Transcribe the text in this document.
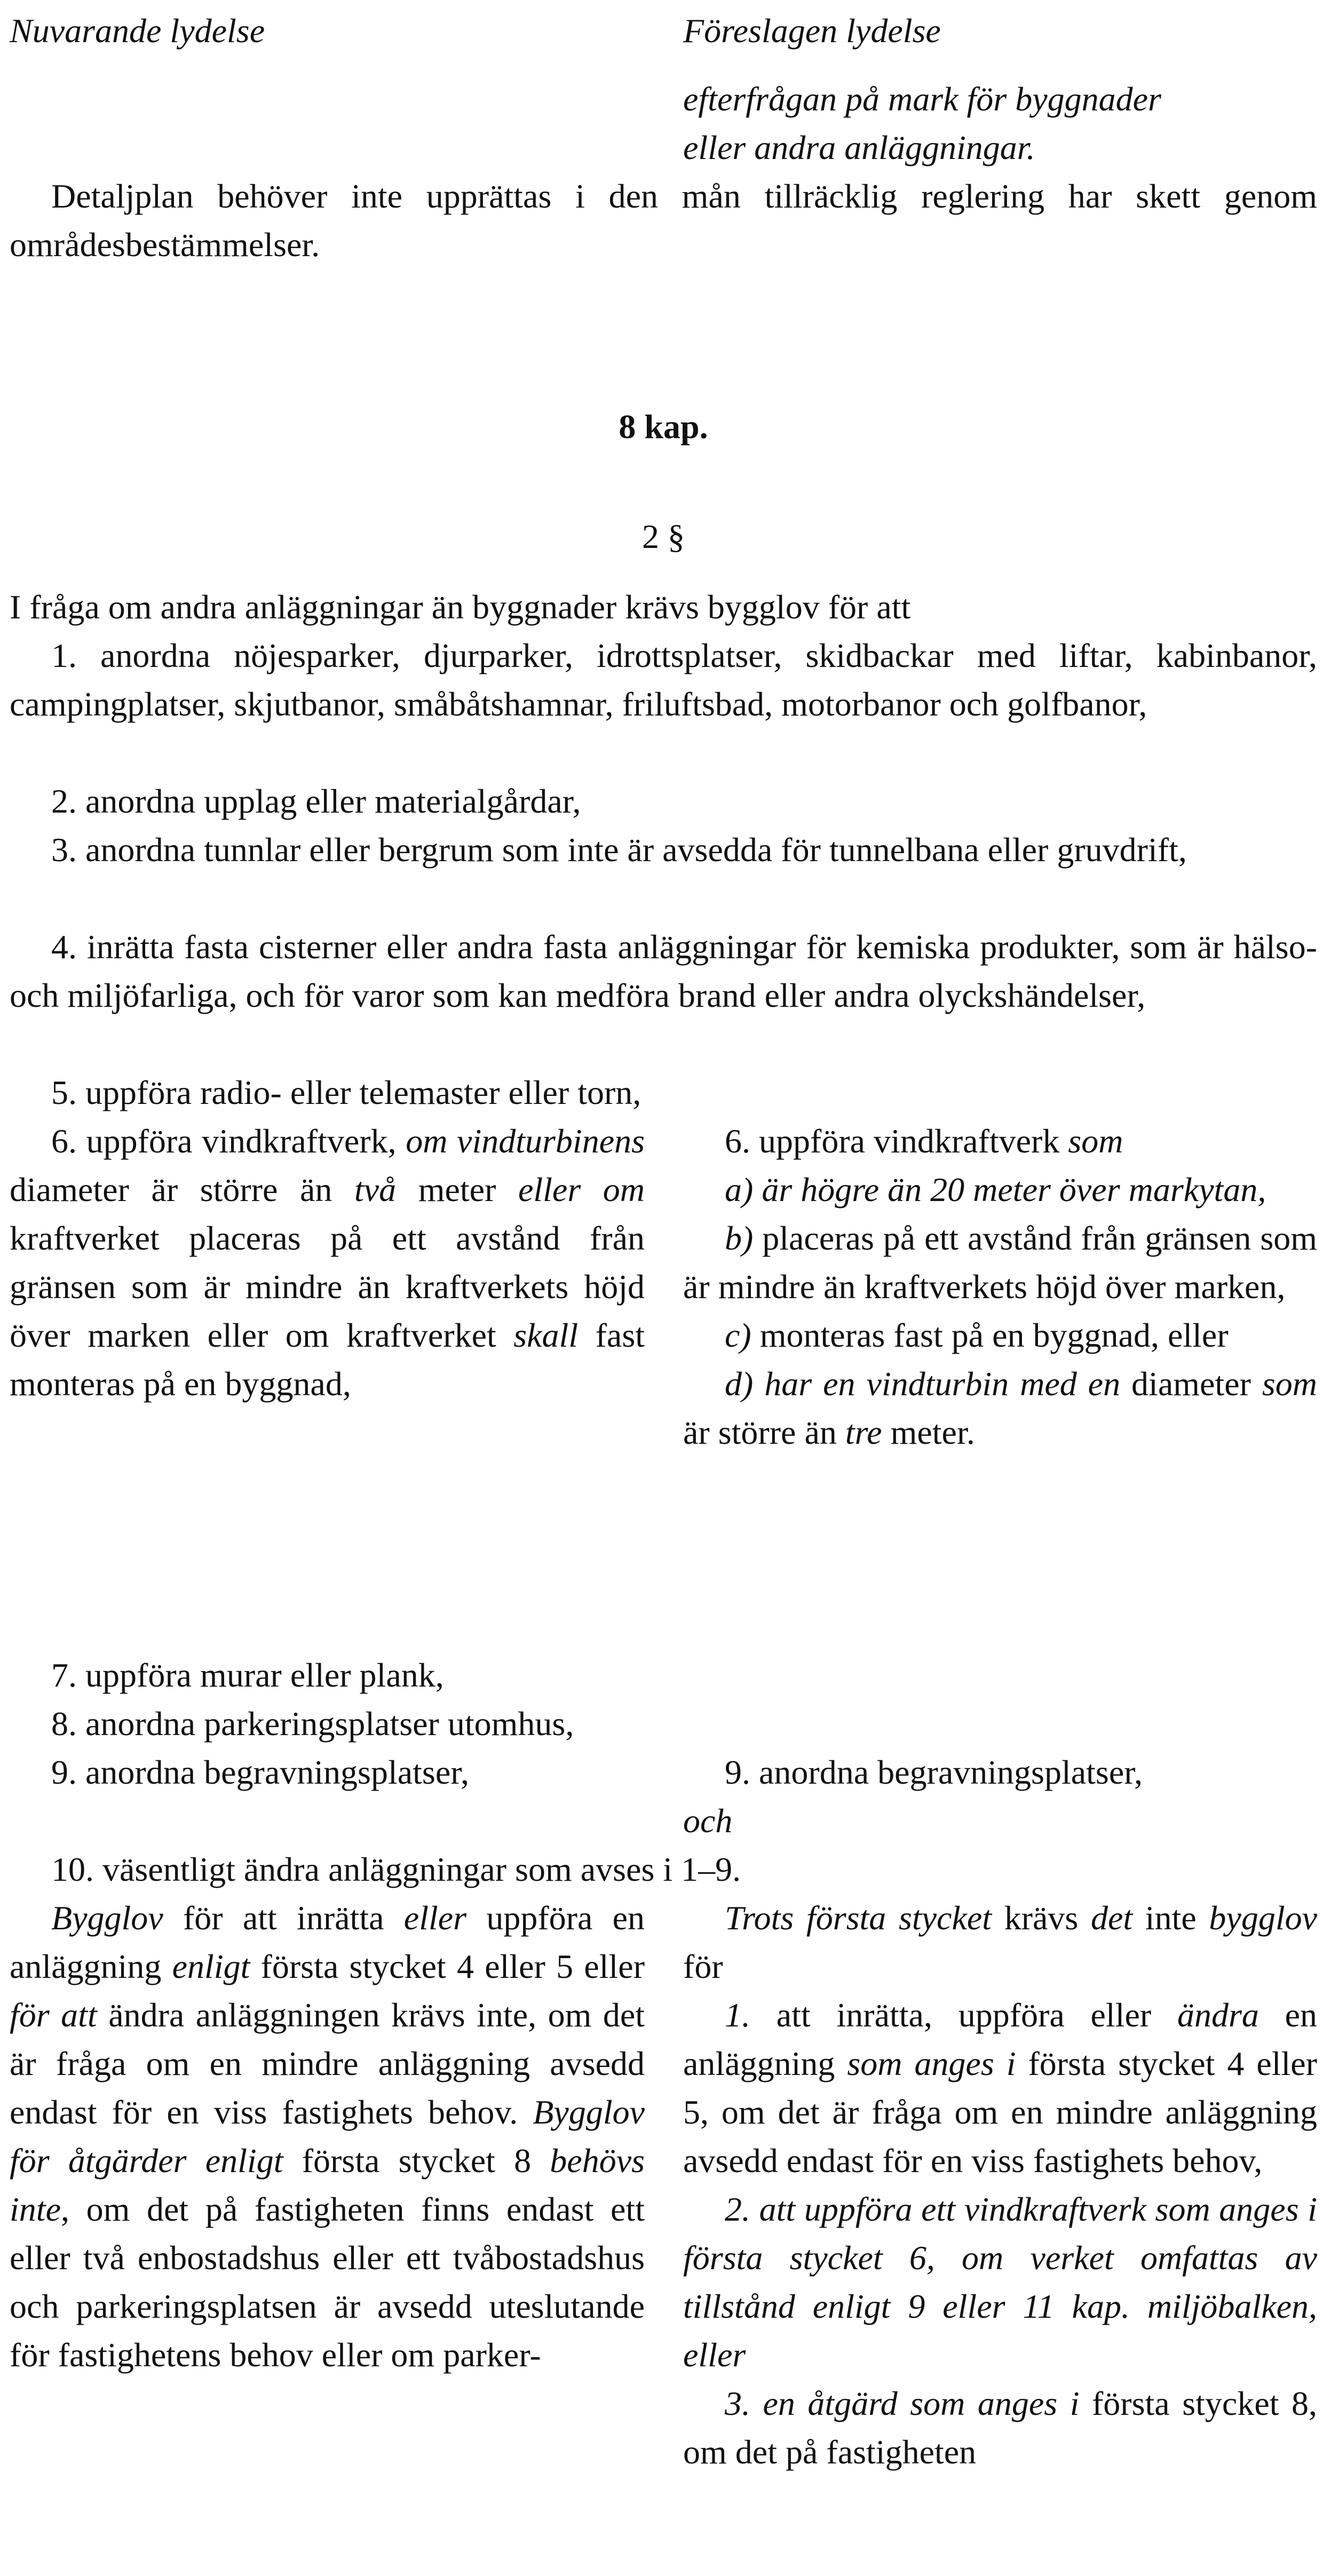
Nuvarande lydelse	Föreslagen lydelse

efterfrågan på mark för byggnader

eller andra anläggningar.

Detaljplan behöver inte upprättas i den mån tillräcklig reglering har skett genom områdesbestämmelser.
8 kap.
2 §
I fråga om andra anläggningar än byggnader krävs bygglov för att
1. anordna nöjesparker, djurparker, idrottsplatser, skidbackar med liftar, kabinbanor, campingplatser, skjutbanor, småbåtshamnar, friluftsbad, motorbanor och golfbanor,
2. anordna upplag eller materialgårdar,
3. anordna tunnlar eller bergrum som inte är avsedda för tunnelbana eller gruvdrift,
4. inrätta fasta cisterner eller andra fasta anläggningar för kemiska produkter, som är hälso- och miljöfarliga, och för varor som kan medföra brand eller andra olyckshändelser,
5. uppföra radio- eller telemaster eller torn,
6. uppföra vindkraftverk, om vindturbinens diameter är större än två meter eller om kraftverket placeras på ett avstånd från gränsen som är mindre än kraftverkets höjd över marken eller om kraftverket skall fast monteras på en byggnad,

6. uppföra vindkraftverk som

a) är högre än 20 meter över markytan,

b) placeras på ett avstånd från gränsen som är mindre än kraftverkets höjd över marken,

c) monteras fast på en byggnad, eller

d) har en vindturbin med en diameter som är större än tre meter.

7. uppföra murar eller plank,
8. anordna parkeringsplatser utomhus,
9. anordna begravningsplatser,	9. anordna begravningsplatser,

och

10. väsentligt ändra anläggningar som avses i 1–9.
Bygglov för att inrätta eller uppföra en anläggning enligt första stycket 4 eller 5 eller för att ändra anläggningen krävs inte, om det är fråga om en mindre anläggning avsedd endast för en viss fastighets behov. Bygglov för åtgärder enligt första stycket 8 behövs inte, om det på fastigheten finns endast ett eller två enbostadshus eller ett tvåbostadshus och parkeringsplatsen är avsedd uteslutande för fastighetens behov eller om parker-

Trots första stycket krävs det inte bygglov för

1. att inrätta, uppföra eller ändra en anläggning som anges i första stycket 4 eller 5, om det är fråga om en mindre anläggning avsedd endast för en viss fastighets behov,

2. att uppföra ett vindkraftverk som anges i första stycket 6, om verket omfattas av tillstånd enligt 9 eller 11 kap. miljöbalken, eller

3. en åtgärd som anges i första stycket 8, om det på fastigheten
